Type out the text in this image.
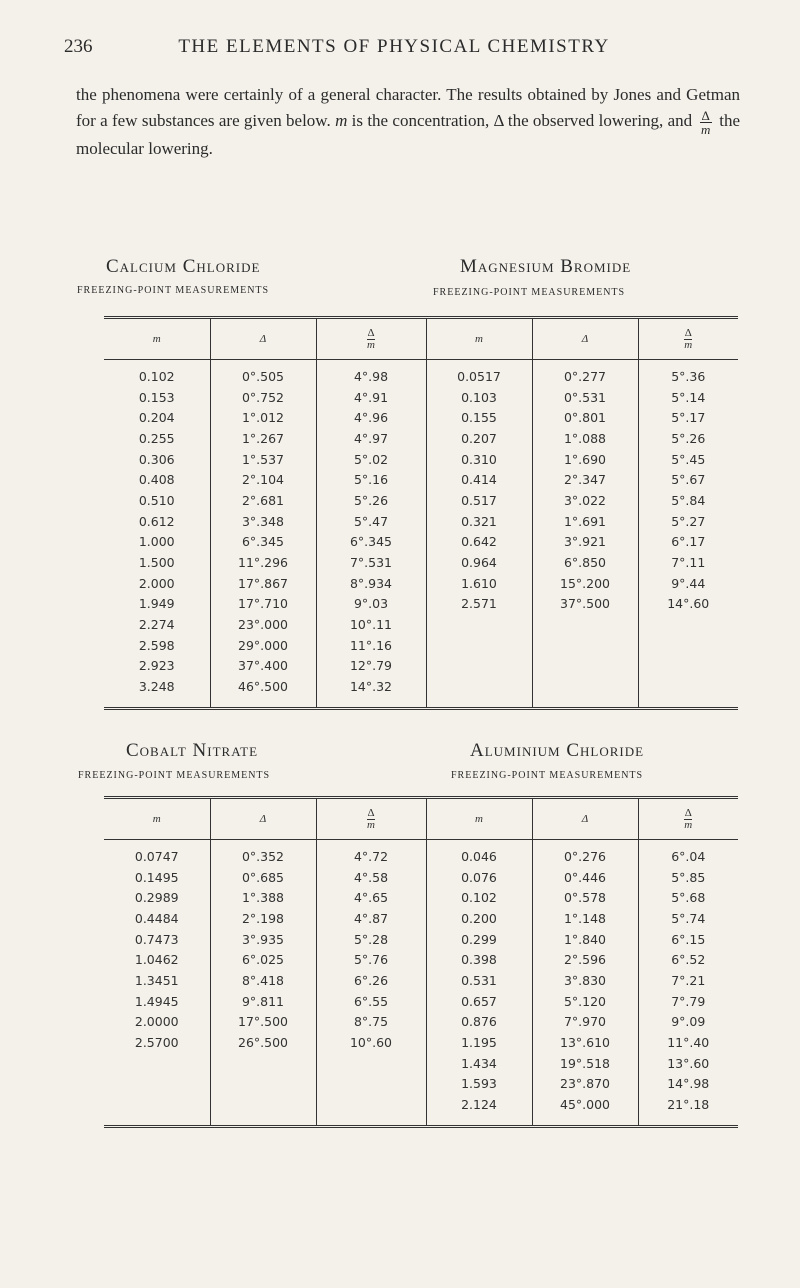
236	THE ELEMENTS OF PHYSICAL CHEMISTRY

the phenomena were certainly of a general character. The results obtained by Jones and Getman for a few substances are given below. m is the concentration, Δ the observed lowering, and $\frac{\Delta}{m}$ the molecular lowering.

Calcium Chloride
FREEZING-POINT MEASUREMENTS
Magnesium Bromide
FREEZING-POINT MEASUREMENTS
m	Δ	$\frac{\Delta}{m}$	m	Δ	$\frac{\Delta}{m}$
0.102	0°.505	4°.98	0.0517	0°.277	5°.36
0.153	0°.752	4°.91	0.103	0°.531	5°.14
0.204	1°.012	4°.96	0.155	0°.801	5°.17
0.255	1°.267	4°.97	0.207	1°.088	5°.26
0.306	1°.537	5°.02	0.310	1°.690	5°.45
0.408	2°.104	5°.16	0.414	2°.347	5°.67
0.510	2°.681	5°.26	0.517	3°.022	5°.84
0.612	3°.348	5°.47	0.321	1°.691	5°.27
1.000	6°.345	6°.345	0.642	3°.921	6°.17
1.500	11°.296	7°.531	0.964	6°.850	7°.11
2.000	17°.867	8°.934	1.610	15°.200	9°.44
1.949	17°.710	9°.03	2.571	37°.500	14°.60
2.274	23°.000	10°.11			
2.598	29°.000	11°.16			
2.923	37°.400	12°.79			
3.248	46°.500	14°.32			
Cobalt Nitrate
FREEZING-POINT MEASUREMENTS
Aluminium Chloride
FREEZING-POINT MEASUREMENTS
m	Δ	$\frac{\Delta}{m}$	m	Δ	$\frac{\Delta}{m}$
0.0747	0°.352	4°.72	0.046	0°.276	6°.04
0.1495	0°.685	4°.58	0.076	0°.446	5°.85
0.2989	1°.388	4°.65	0.102	0°.578	5°.68
0.4484	2°.198	4°.87	0.200	1°.148	5°.74
0.7473	3°.935	5°.28	0.299	1°.840	6°.15
1.0462	6°.025	5°.76	0.398	2°.596	6°.52
1.3451	8°.418	6°.26	0.531	3°.830	7°.21
1.4945	9°.811	6°.55	0.657	5°.120	7°.79
2.0000	17°.500	8°.75	0.876	7°.970	9°.09
2.5700	26°.500	10°.60	1.195	13°.610	11°.40
			1.434	19°.518	13°.60
			1.593	23°.870	14°.98
			2.124	45°.000	21°.18
